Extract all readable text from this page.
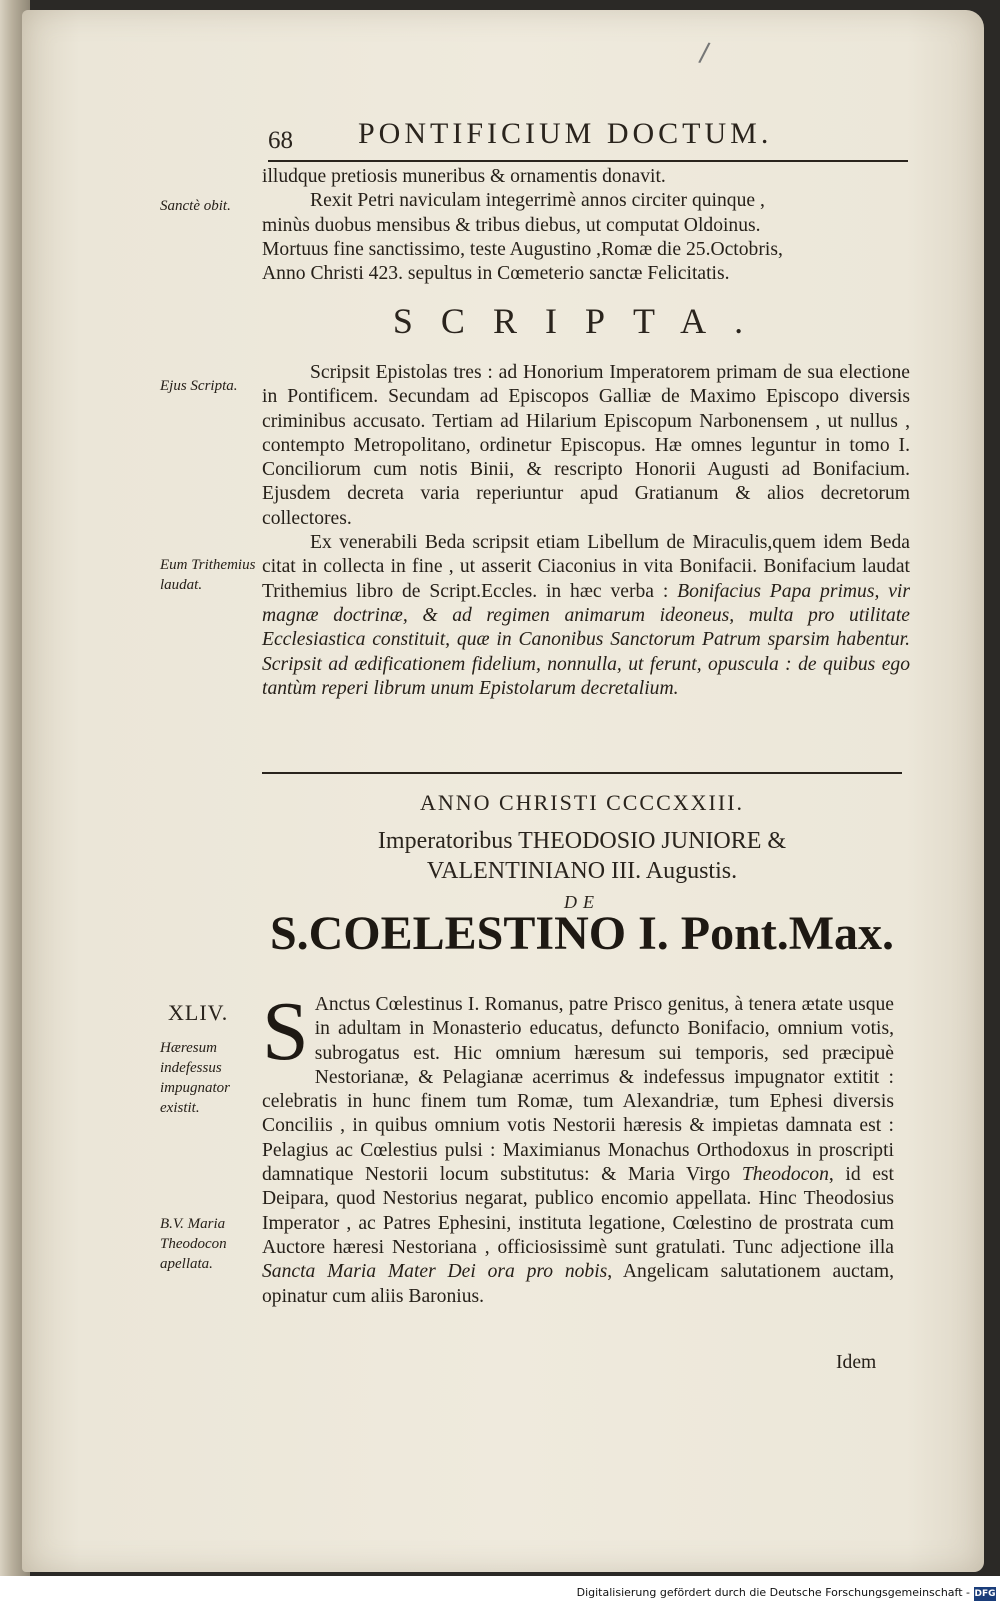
/
68 PONTIFICIUM DOCTUM.
Sanctè obit.

illudque pretiosis muneribus & ornamentis donavit.

Rexit Petri naviculam integerrimè annos circiter quinque ,

minùs duobus mensibus & tribus diebus, ut computat Oldoinus.

Mortuus fine sanctissimo, teste Augustino ,Romæ die 25.Octobris,

Anno Christi 423. sepultus in Cœmeterio sanctæ Felicitatis.

SCRIPTA.
Ejus Scripta.
Eum Trithemius laudat.

Scripsit Epistolas tres : ad Honorium Imperatorem primam de sua electione in Pontificem. Secundam ad Episcopos Galliæ de Maximo Episcopo diversis criminibus accusato. Tertiam ad Hilarium Episcopum Narbonensem , ut nullus , contempto Metropolitano, ordinetur Episcopus. Hæ omnes leguntur in tomo I. Conciliorum cum notis Binii, & rescripto Honorii Augusti ad Bonifacium. Ejusdem decreta varia reperiuntur apud Gratianum & alios decretorum collectores.

Ex venerabili Beda scripsit etiam Libellum de Miraculis,quem idem Beda citat in collecta in fine , ut asserit Ciaconius in vita Bonifacii. Bonifacium laudat Trithemius libro de Script.Eccles. in hæc verba : Bonifacius Papa primus, vir magnæ doctrinæ, & ad regimen animarum ideoneus, multa pro utilitate Ecclesiastica constituit, quæ in Canonibus Sanctorum Patrum sparsim habentur. Scripsit ad ædificationem fidelium, nonnulla, ut ferunt, opuscula : de quibus ego tantùm reperi librum unum Epistolarum decretalium.

ANNO CHRISTI CCCCXXIII.
Imperatoribus THEODOSIO JUNIORE & VALENTINIANO III. Augustis.
DE
S.COELESTINO I. Pont.Max.
XLIV.
Hæresum indefessus impugnator existit.
B.V. Maria Theodocon apellata.

S Anctus Cœlestinus I. Romanus, patre Prisco genitus, à tenera ætate usque in adultam in Monasterio educatus, defuncto Bonifacio, omnium votis, subrogatus est. Hic omnium hæresum sui temporis, sed præcipuè Nestorianæ, & Pelagianæ acerrimus & indefessus impugnator extitit : celebratis in hunc finem tum Romæ, tum Alexandriæ, tum Ephesi diversis Conciliis , in quibus omnium votis Nestorii hæresis & impietas damnata est : Pelagius ac Cœlestius pulsi : Maximianus Monachus Orthodoxus in proscripti damnatique Nestorii locum substitutus: & Maria Virgo Theodocon, id est Deipara, quod Nestorius negarat, publico encomio appellata. Hinc Theodosius Imperator , ac Patres Ephesini, instituta legatione, Cœlestino de prostrata cum Auctore hæresi Nestoriana , officiosissimè sunt gratulati. Tunc adjectione illa Sancta Maria Mater Dei ora pro nobis, Angelicam salutationem auctam, opinatur cum aliis Baronius.

Idem
Digitalisierung gefördert durch die Deutsche Forschungsgemeinschaft - DFG
